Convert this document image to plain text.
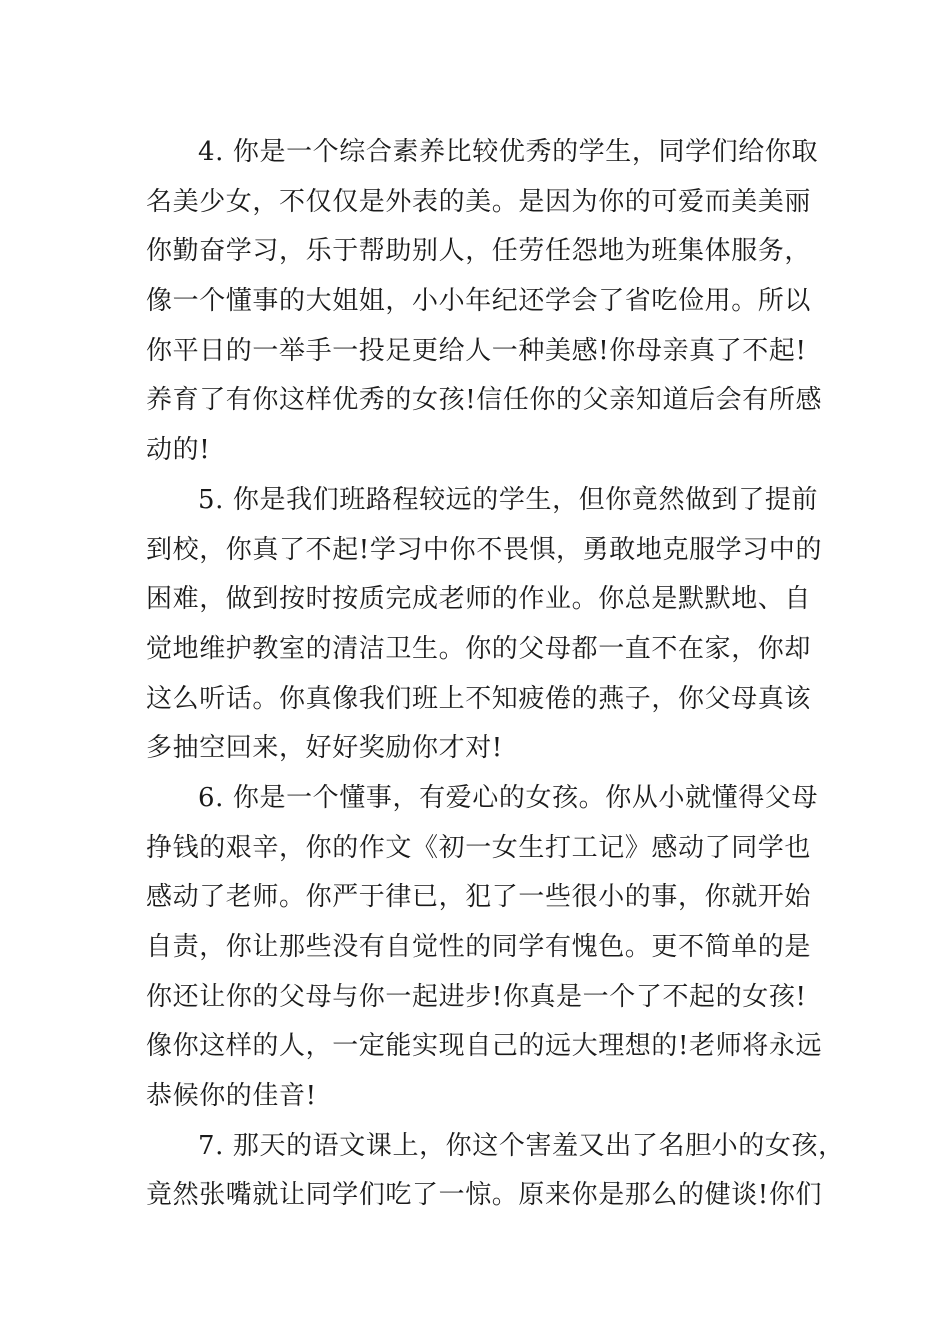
4. 你是一个综合素养比较优秀的学生，同学们给你取
名美少女，不仅仅是外表的美。是因为你的可爱而美美丽
你勤奋学习，乐于帮助别人，任劳任怨地为班集体服务，
像一个懂事的大姐姐，小小年纪还学会了省吃俭用。所以
你平日的一举手一投足更给人一种美感!你母亲真了不起!
养育了有你这样优秀的女孩!信任你的父亲知道后会有所感
动的!
5. 你是我们班路程较远的学生，但你竟然做到了提前
到校，你真了不起!学习中你不畏惧，勇敢地克服学习中的
困难，做到按时按质完成老师的作业。你总是默默地、自
觉地维护教室的清洁卫生。你的父母都一直不在家，你却
这么听话。你真像我们班上不知疲倦的燕子，你父母真该
多抽空回来，好好奖励你才对!
6. 你是一个懂事，有爱心的女孩。你从小就懂得父母
挣钱的艰辛，你的作文《初一女生打工记》感动了同学也
感动了老师。你严于律已，犯了一些很小的事，你就开始
自责，你让那些没有自觉性的同学有愧色。更不简单的是
你还让你的父母与你一起进步!你真是一个了不起的女孩!
像你这样的人，一定能实现自己的远大理想的!老师将永远
恭候你的佳音!
7. 那天的语文课上，你这个害羞又出了名胆小的女孩，
竟然张嘴就让同学们吃了一惊。原来你是那么的健谈!你们
